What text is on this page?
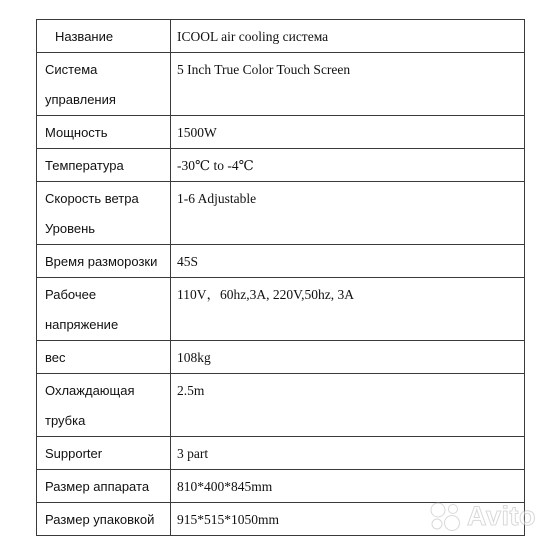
Название	ICOOL air cooling система

Система
управления	5 Inch True Color Touch Screen

Мощность	1500W

Температура	-30℃ to -4℃

Скорость ветра
Уровень	1-6 Adjustable

Время разморозки	45S

Рабочее
напряжение	110V，60hz,3A, 220V,50hz, 3A

вес	108kg

Охлаждающая
трубка	2.5m

Supporter	3 part

Размер аппарата	810*400*845mm

Размер упаковкой	915*515*1050mm	Avito
